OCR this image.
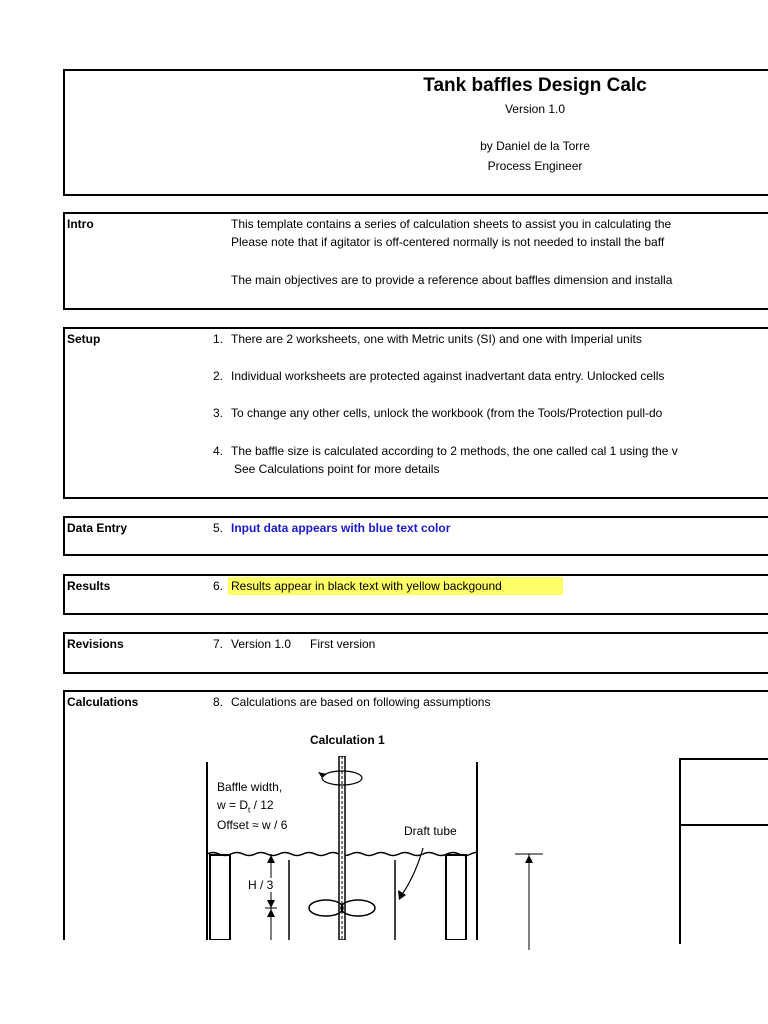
Tank baffles Design Calc
Version 1.0
by Daniel de la Torre
Process Engineer
Intro	This template contains a series of calculation sheets to assist you in calculating the
Please note that if agitator is off-centered normally is not needed to install the baff
The main objectives are to provide a reference about baffles dimension and installa
Setup	1. There are 2 worksheets, one with Metric units (SI) and one with Imperial units
2. Individual worksheets are protected against inadvertant data entry. Unlocked cells
3. To change any other cells, unlock the workbook (from the Tools/Protection pull-do
4. The baffle size is calculated according to 2 methods, the one called cal 1 using the v
See Calculations point for more details
Data Entry	5. Input data appears with blue text color
Results	6. Results appear in black text with yellow backgound
Revisions	7. Version 1.0 First version
Calculations	8. Calculations are based on following assumptions
Calculation 1
Baffle width,
$w = D_t / 12$
Offset ≈ w / 6	Draft tube
H / 3
